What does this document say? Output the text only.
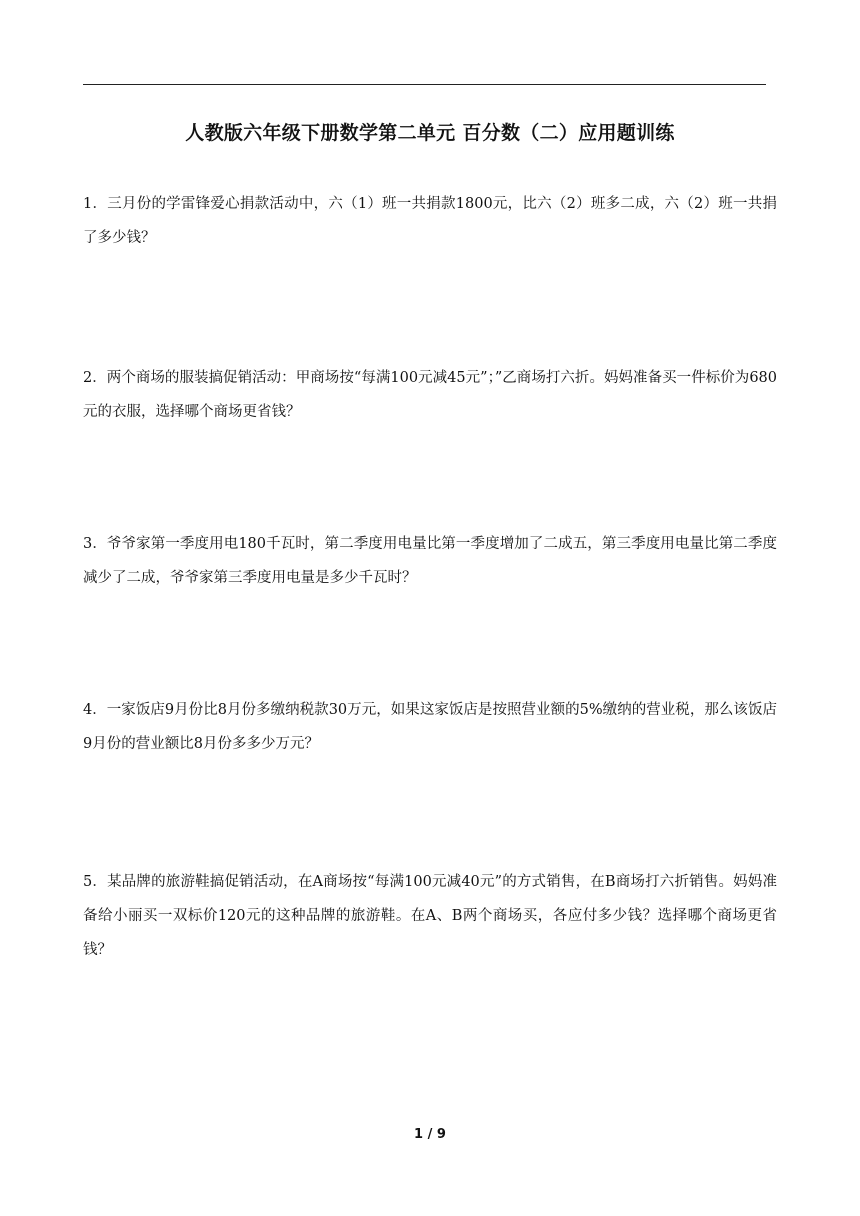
人教版六年级下册数学第二单元 百分数（二）应用题训练
1．三月份的学雷锋爱心捐款活动中，六（1）班一共捐款1800元，比六（2）班多二成，六（2）班一共捐了多少钱？
2．两个商场的服装搞促销活动：甲商场按“每满100元减45元”；”乙商场打六折。妈妈准备买一件标价为680元的衣服，选择哪个商场更省钱？
3．爷爷家第一季度用电180千瓦时，第二季度用电量比第一季度增加了二成五，第三季度用电量比第二季度减少了二成，爷爷家第三季度用电量是多少千瓦时？
4．一家饭店9月份比8月份多缴纳税款30万元，如果这家饭店是按照营业额的5%缴纳的营业税，那么该饭店9月份的营业额比8月份多多少万元？
5．某品牌的旅游鞋搞促销活动，在A商场按“每满100元减40元”的方式销售，在B商场打六折销售。妈妈准备给小丽买一双标价120元的这种品牌的旅游鞋。在A、B两个商场买，各应付多少钱？选择哪个商场更省钱？
1 / 9
